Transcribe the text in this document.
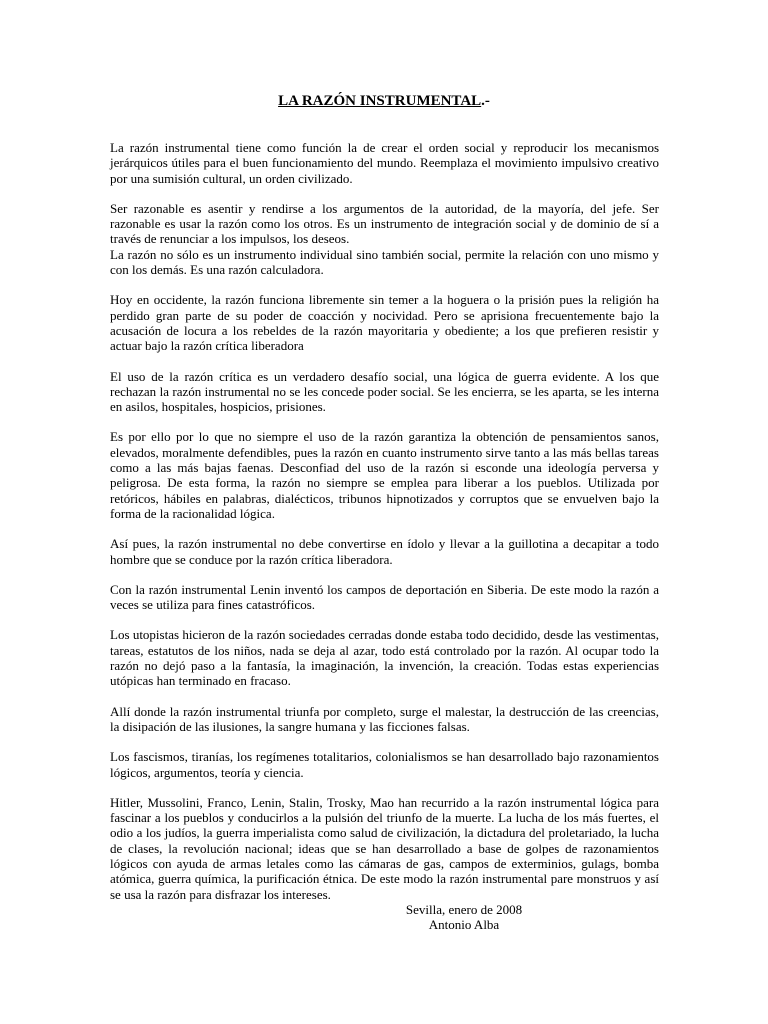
LA RAZÓN INSTRUMENTAL.-

La razón instrumental tiene como función la de crear el orden social y reproducir los mecanismos jerárquicos útiles para el buen funcionamiento del mundo. Reemplaza el movimiento impulsivo creativo por una sumisión cultural, un orden civilizado.

Ser razonable es asentir y rendirse a los argumentos de la autoridad, de la mayoría, del jefe. Ser razonable es usar la razón como los otros. Es un instrumento de integración social y de dominio de sí a través de renunciar a los impulsos, los deseos.

La razón no sólo es un instrumento individual sino también social, permite la relación con uno mismo y con los demás. Es una razón calculadora.

Hoy en occidente, la razón funciona libremente sin temer a la hoguera o la prisión pues la religión ha perdido gran parte de su poder de coacción y nocividad. Pero se aprisiona frecuentemente bajo la acusación de locura a los rebeldes de la razón mayoritaria y obediente; a los que prefieren resistir y actuar bajo la razón crítica liberadora

El uso de la razón crítica es un verdadero desafío social, una lógica de guerra evidente. A los que rechazan la razón instrumental no se les concede poder social. Se les encierra, se les aparta, se les interna en asilos, hospitales, hospicios, prisiones.

Es por ello por lo que no siempre el uso de la razón garantiza la obtención de pensamientos sanos, elevados, moralmente defendibles, pues la razón en cuanto instrumento sirve tanto a las más bellas tareas como a las más bajas faenas. Desconfiad del uso de la razón si esconde una ideología perversa y peligrosa. De esta forma, la razón no siempre se emplea para liberar a los pueblos. Utilizada por retóricos, hábiles en palabras, dialécticos, tribunos hipnotizados y corruptos que se envuelven bajo la forma de la racionalidad lógica.

Así pues, la razón instrumental no debe convertirse en ídolo y llevar a la guillotina a decapitar a todo hombre que se conduce por la razón crítica liberadora.

Con la razón instrumental Lenin inventó los campos de deportación en Siberia. De este modo la razón a veces se utiliza para fines catastróficos.

Los utopistas hicieron de la razón sociedades cerradas donde estaba todo decidido, desde las vestimentas, tareas, estatutos de los niños, nada se deja al azar, todo está controlado por la razón. Al ocupar todo la razón no dejó paso a la fantasía, la imaginación, la invención, la creación. Todas estas experiencias utópicas han terminado en fracaso.

Allí donde la razón instrumental triunfa por completo, surge el malestar, la destrucción de las creencias, la disipación de las ilusiones, la sangre humana y las ficciones falsas.

Los fascismos, tiranías, los regímenes totalitarios, colonialismos se han desarrollado bajo razonamientos lógicos, argumentos, teoría y ciencia.

Hitler, Mussolini, Franco, Lenin, Stalin, Trosky, Mao han recurrido a la razón instrumental lógica para fascinar a los pueblos y conducirlos a la pulsión del triunfo de la muerte. La lucha de los más fuertes, el odio a los judíos, la guerra imperialista como salud de civilización, la dictadura del proletariado, la lucha de clases, la revolución nacional; ideas que se han desarrollado a base de golpes de razonamientos lógicos con ayuda de armas letales como las cámaras de gas, campos de exterminios, gulags, bomba atómica, guerra química, la purificación étnica. De este modo la razón instrumental pare monstruos y así se usa la razón para disfrazar los intereses.

Sevilla, enero de 2008
Antonio Alba
